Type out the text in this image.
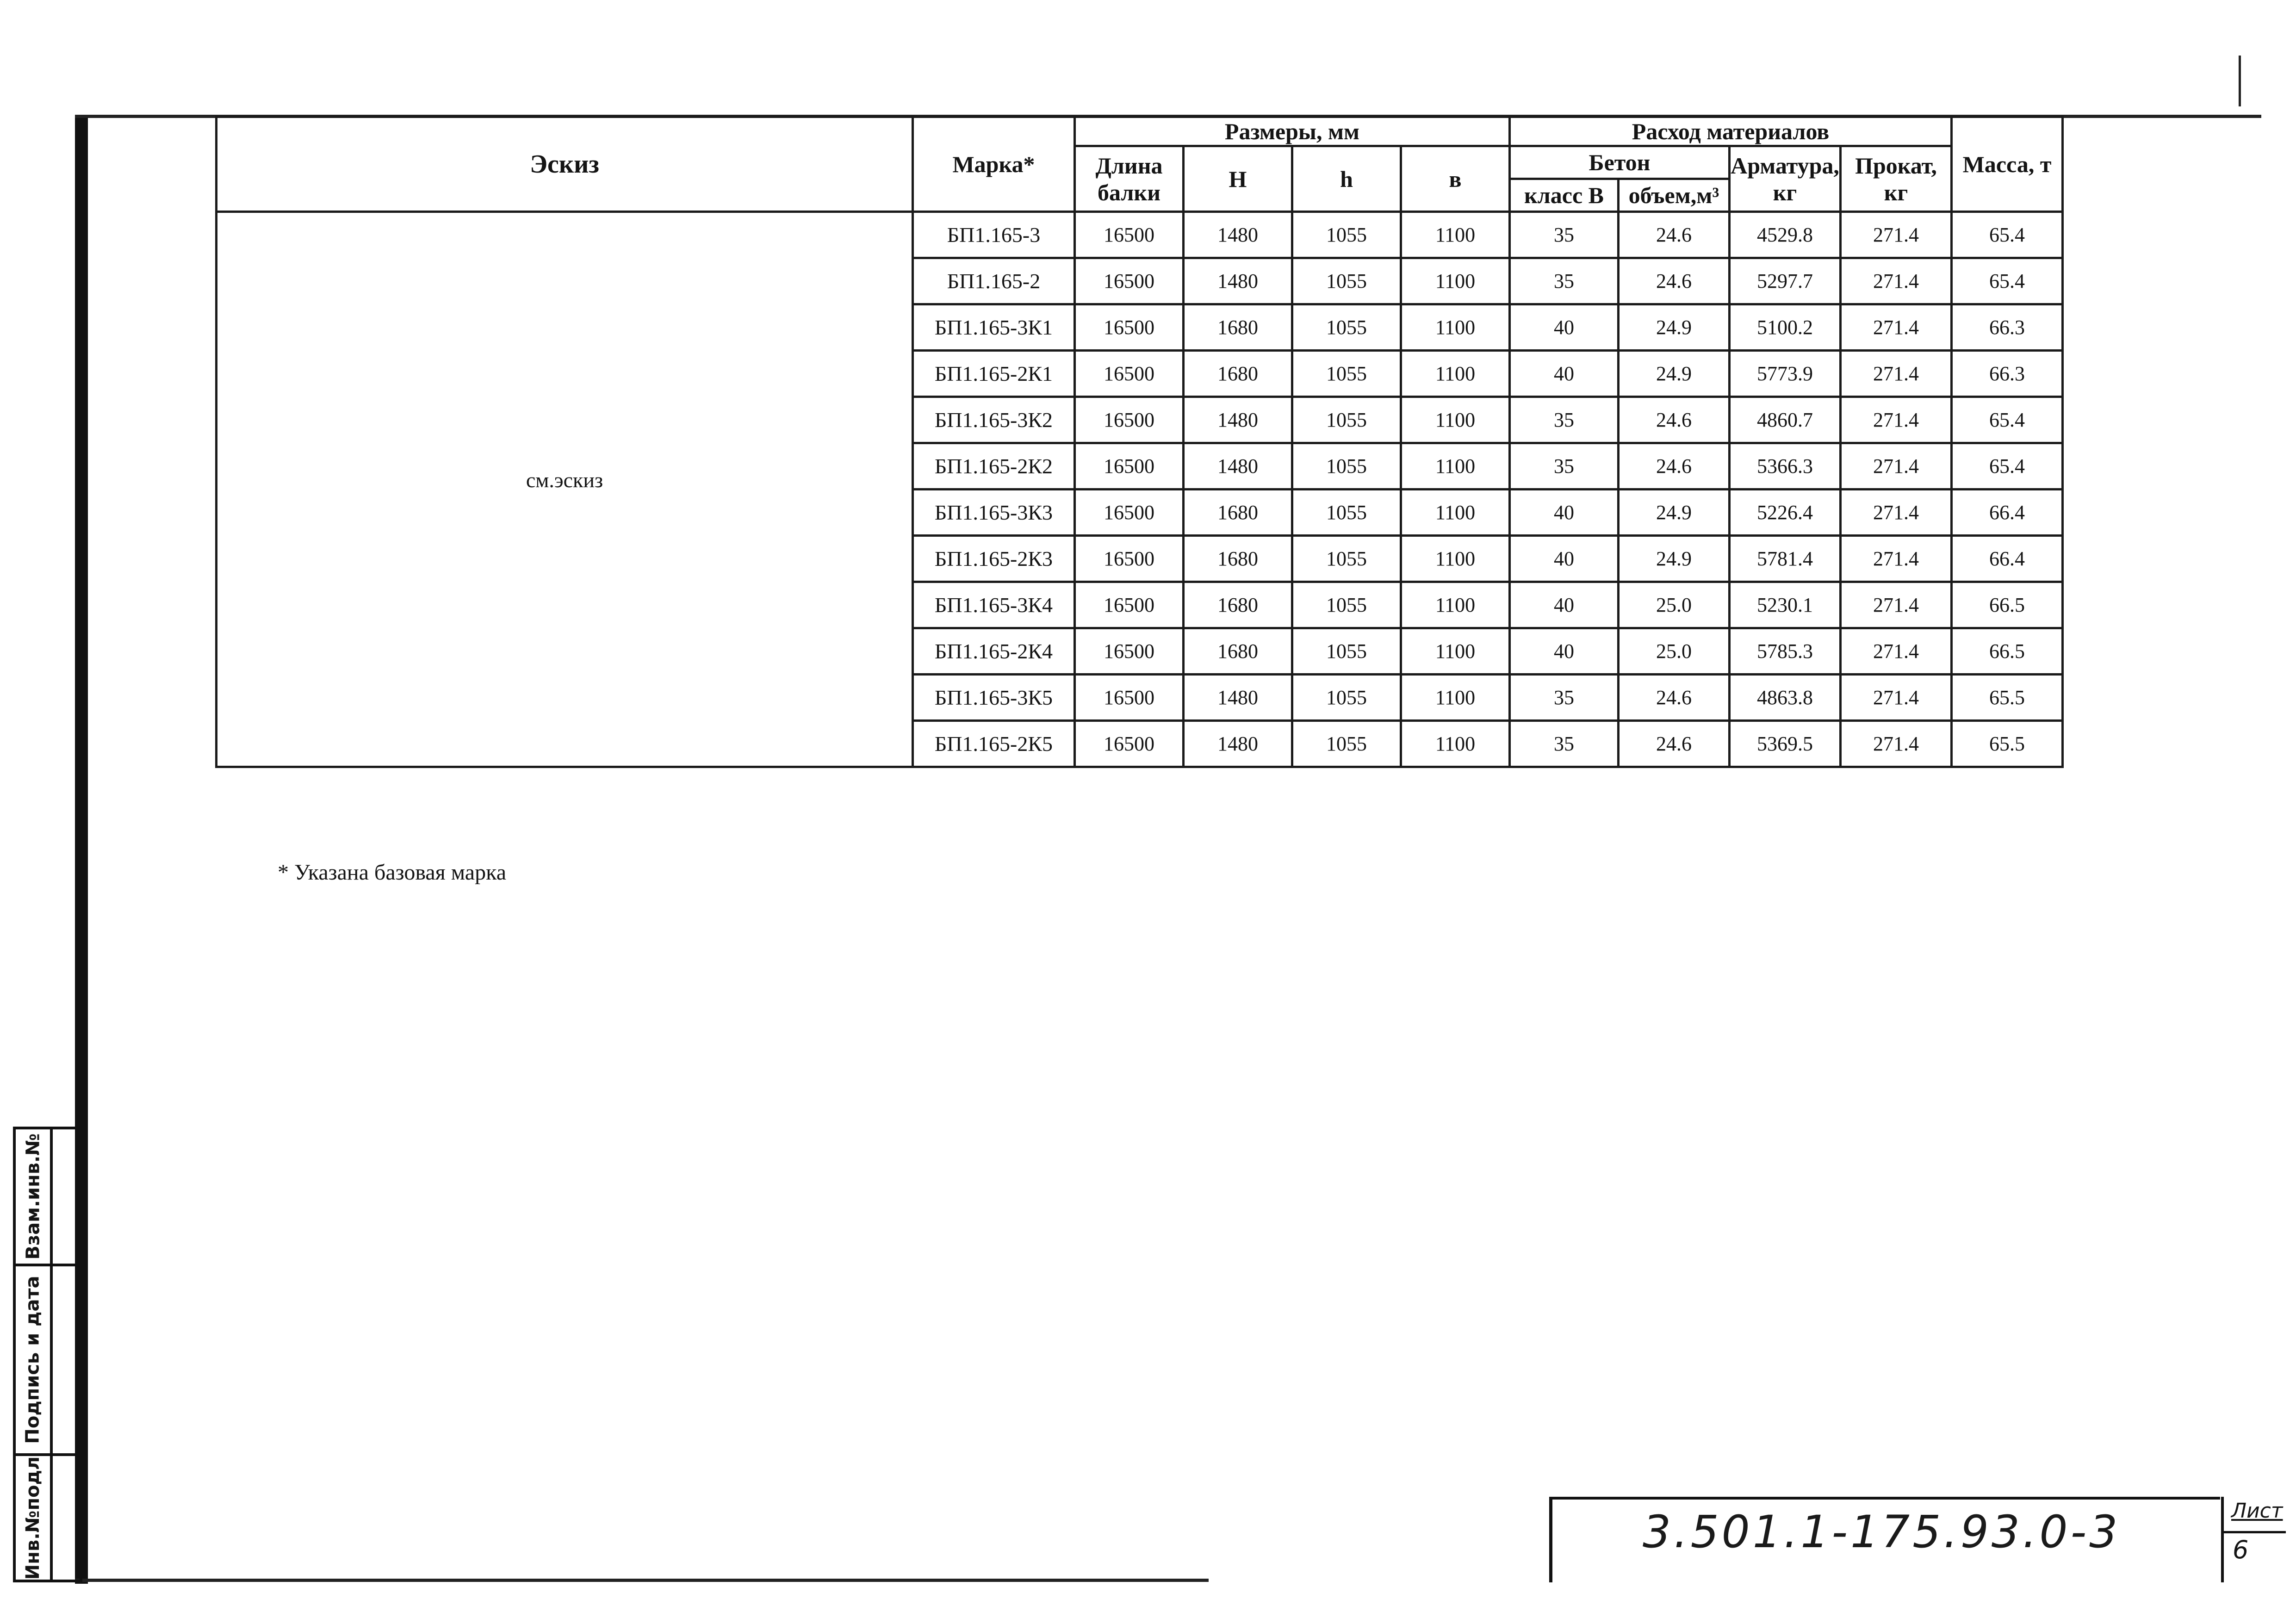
Инв.№подл
Подпись и дата
Взам.инв.№
Эскиз	Марка*	Размеры, мм				Расход материалов				Масса, т
		Длина балки	Н	h	в	Бетон		Арматура, кг	Прокат, кг	
						класс В	объем,м³			
см.эскиз	БП1.165-3	16500	1480	1055	1100	35	24.6	4529.8	271.4	65.4
	БП1.165-2	16500	1480	1055	1100	35	24.6	5297.7	271.4	65.4
	БП1.165-3К1	16500	1680	1055	1100	40	24.9	5100.2	271.4	66.3
	БП1.165-2К1	16500	1680	1055	1100	40	24.9	5773.9	271.4	66.3
	БП1.165-3К2	16500	1480	1055	1100	35	24.6	4860.7	271.4	65.4
	БП1.165-2К2	16500	1480	1055	1100	35	24.6	5366.3	271.4	65.4
	БП1.165-3К3	16500	1680	1055	1100	40	24.9	5226.4	271.4	66.4
	БП1.165-2К3	16500	1680	1055	1100	40	24.9	5781.4	271.4	66.4
	БП1.165-3К4	16500	1680	1055	1100	40	25.0	5230.1	271.4	66.5
	БП1.165-2К4	16500	1680	1055	1100	40	25.0	5785.3	271.4	66.5
	БП1.165-3К5	16500	1480	1055	1100	35	24.6	4863.8	271.4	65.5
	БП1.165-2К5	16500	1480	1055	1100	35	24.6	5369.5	271.4	65.5
* Указана базовая марка
3.501.1-175.93.0-3	Лист
6
